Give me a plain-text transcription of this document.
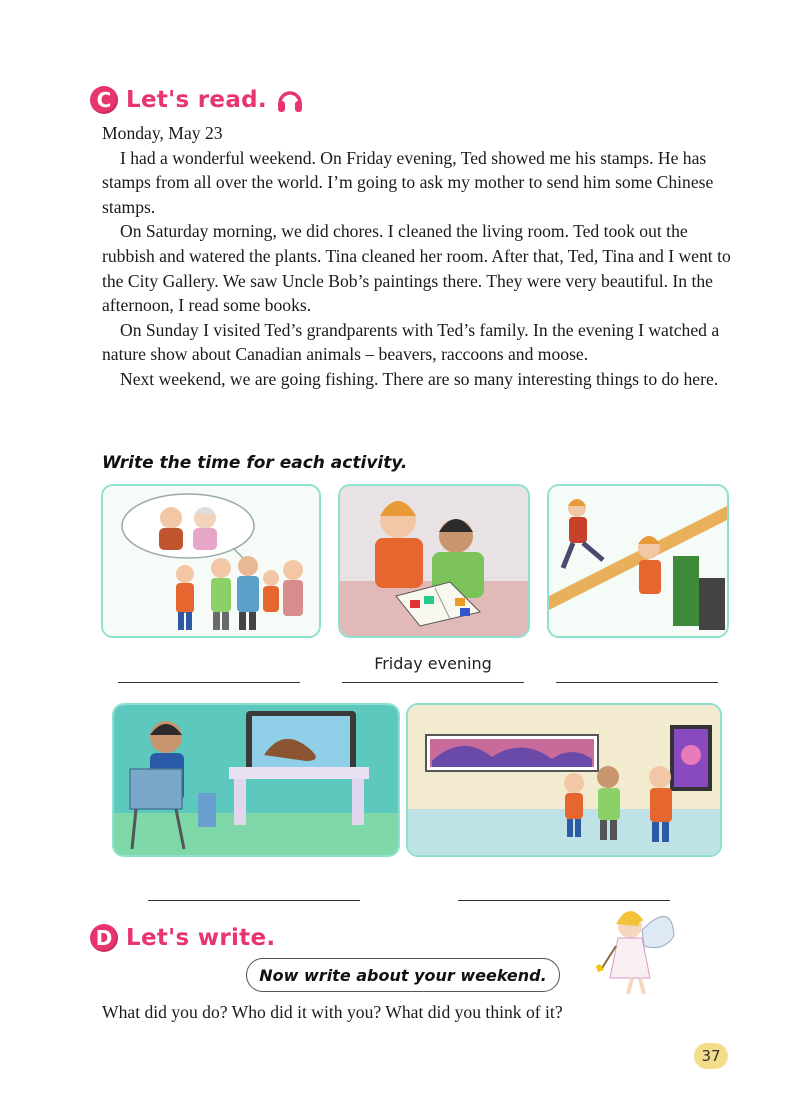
C Let's read.

Monday, May 23

I had a wonderful weekend. On Friday evening, Ted showed me his stamps. He has stamps from all over the world. I’m going to ask my mother to send him some Chinese stamps.

On Saturday morning, we did chores. I cleaned the living room. Ted took out the rubbish and watered the plants. Tina cleaned her room. After that, Ted, Tina and I went to the City Gallery. We saw Uncle Bob’s paintings there. They were very beautiful. In the afternoon, I read some books.

On Sunday I visited Ted’s grandparents with Ted’s family. In the evening I watched a nature show about Canadian animals – beavers, raccoons and moose.

Next weekend, we are going fishing. There are so many interesting things to do here.

Write the time for each activity.
Friday evening
D Let's write.
Now write about your weekend.
What did you do? Who did it with you? What did you think of it?
37
